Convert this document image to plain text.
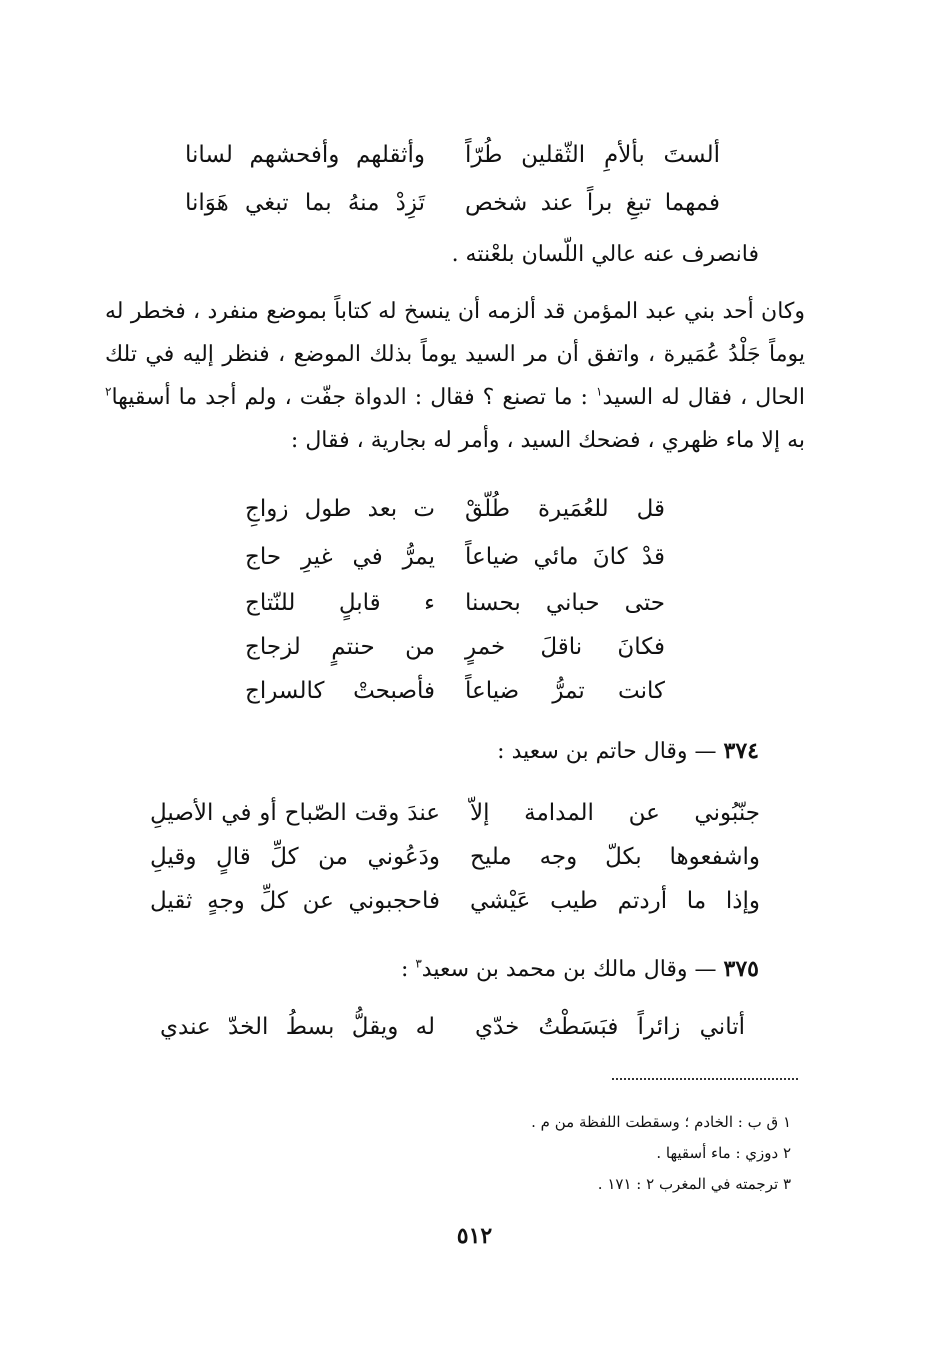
ألستَ بألأمِ الثّقلين طُرّاً
وأثقلهم وأفحشهم لسانا
فمهما تبغِ براً عند شخص
تَزِدْ منهُ بما تبغي هَوَانا
فانصرف عنه عالي اللّسان بلعْنته .
وكان أحد بني عبد المؤمن قد ألزمه أن ينسخ له كتاباً بموضع منفرد ، فخطر له يوماً جَلْدُ عُمَيرة ، واتفق أن مر السيد يوماً بذلك الموضع ، فنظر إليه في تلك الحال ، فقال له السيد$^١$ : ما تصنع ؟ فقال : الدواة جفّت ، ولم أجد ما أسقيها$^٢$ به إلا ماء ظهري ، فضحك السيد ، وأمر له بجارية ، فقال :
قل للعُمَيرة طُلّقْ
ت بعد طول زواجِ
قدْ كانَ مائي ضياعاً
يمرُّ في غيرِ حاج
حتى حباني بحسنا
ء قابلٍ للنّتاج
فكانَ ناقلَ خمرٍ
من حنتمٍ لزجاج
كانت تمرُّ ضياعاً
فأصبحتْ كالسراج
٣٧٤ — وقال حاتم بن سعيد :
جنّبُوني عن المدامة إلاّ
عندَ وقت الصّباح أو في الأصيلِ
واشفعوها بكلّ وجه مليح
ودَعُوني من كلِّ قالٍ وقيلِ
وإذا ما أردتم طيب عَيْشي
فاحجبوني عن كلِّ وجهٍ ثقيل
٣٧٥ — وقال مالك بن محمد بن سعيد$^٣$ :
أتاني زائراً فبَسَطْتُ خدّي
له ويقلُّ بسطُ الخدّ عندي
١ ق ب : الخادم ؛ وسقطت اللفظة من م .
٢ دوزي : ماء أسقيها .
٣ ترجمته في المغرب ٢ : ١٧١ .
٥١٢
